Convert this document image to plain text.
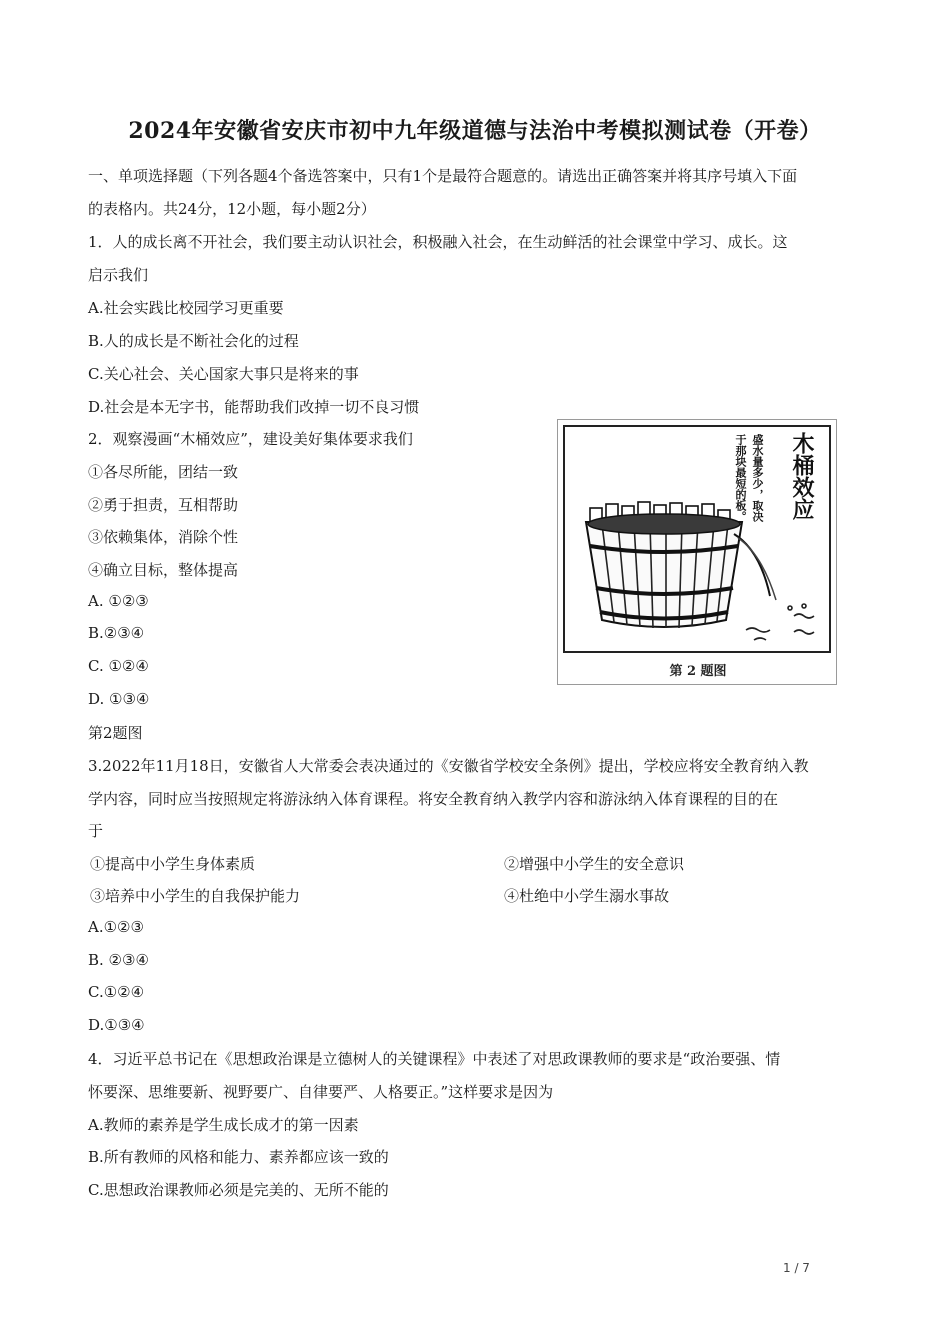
2024年安徽省安庆市初中九年级道德与法治中考模拟测试卷（开卷）
一、单项选择题（下列各题4个备选答案中，只有1个是最符合题意的。请选出正确答案并将其序号填入下面
的表格内。共24分，12小题，每小题2分）
1．人的成长离不开社会，我们要主动认识社会，积极融入社会，在生动鲜活的社会课堂中学习、成长。这
启示我们
A.社会实践比校园学习更重要
B.人的成长是不断社会化的过程
C.关心社会、关心国家大事只是将来的事
D.社会是本无字书，能帮助我们改掉一切不良习惯
2．观察漫画“木桶效应”，建设美好集体要求我们
①各尽所能，团结一致
②勇于担责，互相帮助
③依赖集体，消除个性
④确立目标，整体提高
A. ①②③
B.②③④
C. ①②④
D. ①③④
第2题图
木桶效应
盛水量多少，取决于那块最短的板。
第 2 题图
3.2022年11月18日，安徽省人大常委会表决通过的《安徽省学校安全条例》提出，学校应将安全教育纳入教
学内容，同时应当按照规定将游泳纳入体育课程。将安全教育纳入教学内容和游泳纳入体育课程的目的在
于
①提高中小学生身体素质	②增强中小学生的安全意识
③培养中小学生的自我保护能力	④杜绝中小学生溺水事故
A.①②③
B. ②③④
C.①②④
D.①③④
4．习近平总书记在《思想政治课是立德树人的关键课程》中表述了对思政课教师的要求是“政治要强、情
怀要深、思维要新、视野要广、自律要严、人格要正。”这样要求是因为
A.教师的素养是学生成长成才的第一因素
B.所有教师的风格和能力、素养都应该一致的
C.思想政治课教师必须是完美的、无所不能的
1 / 7
